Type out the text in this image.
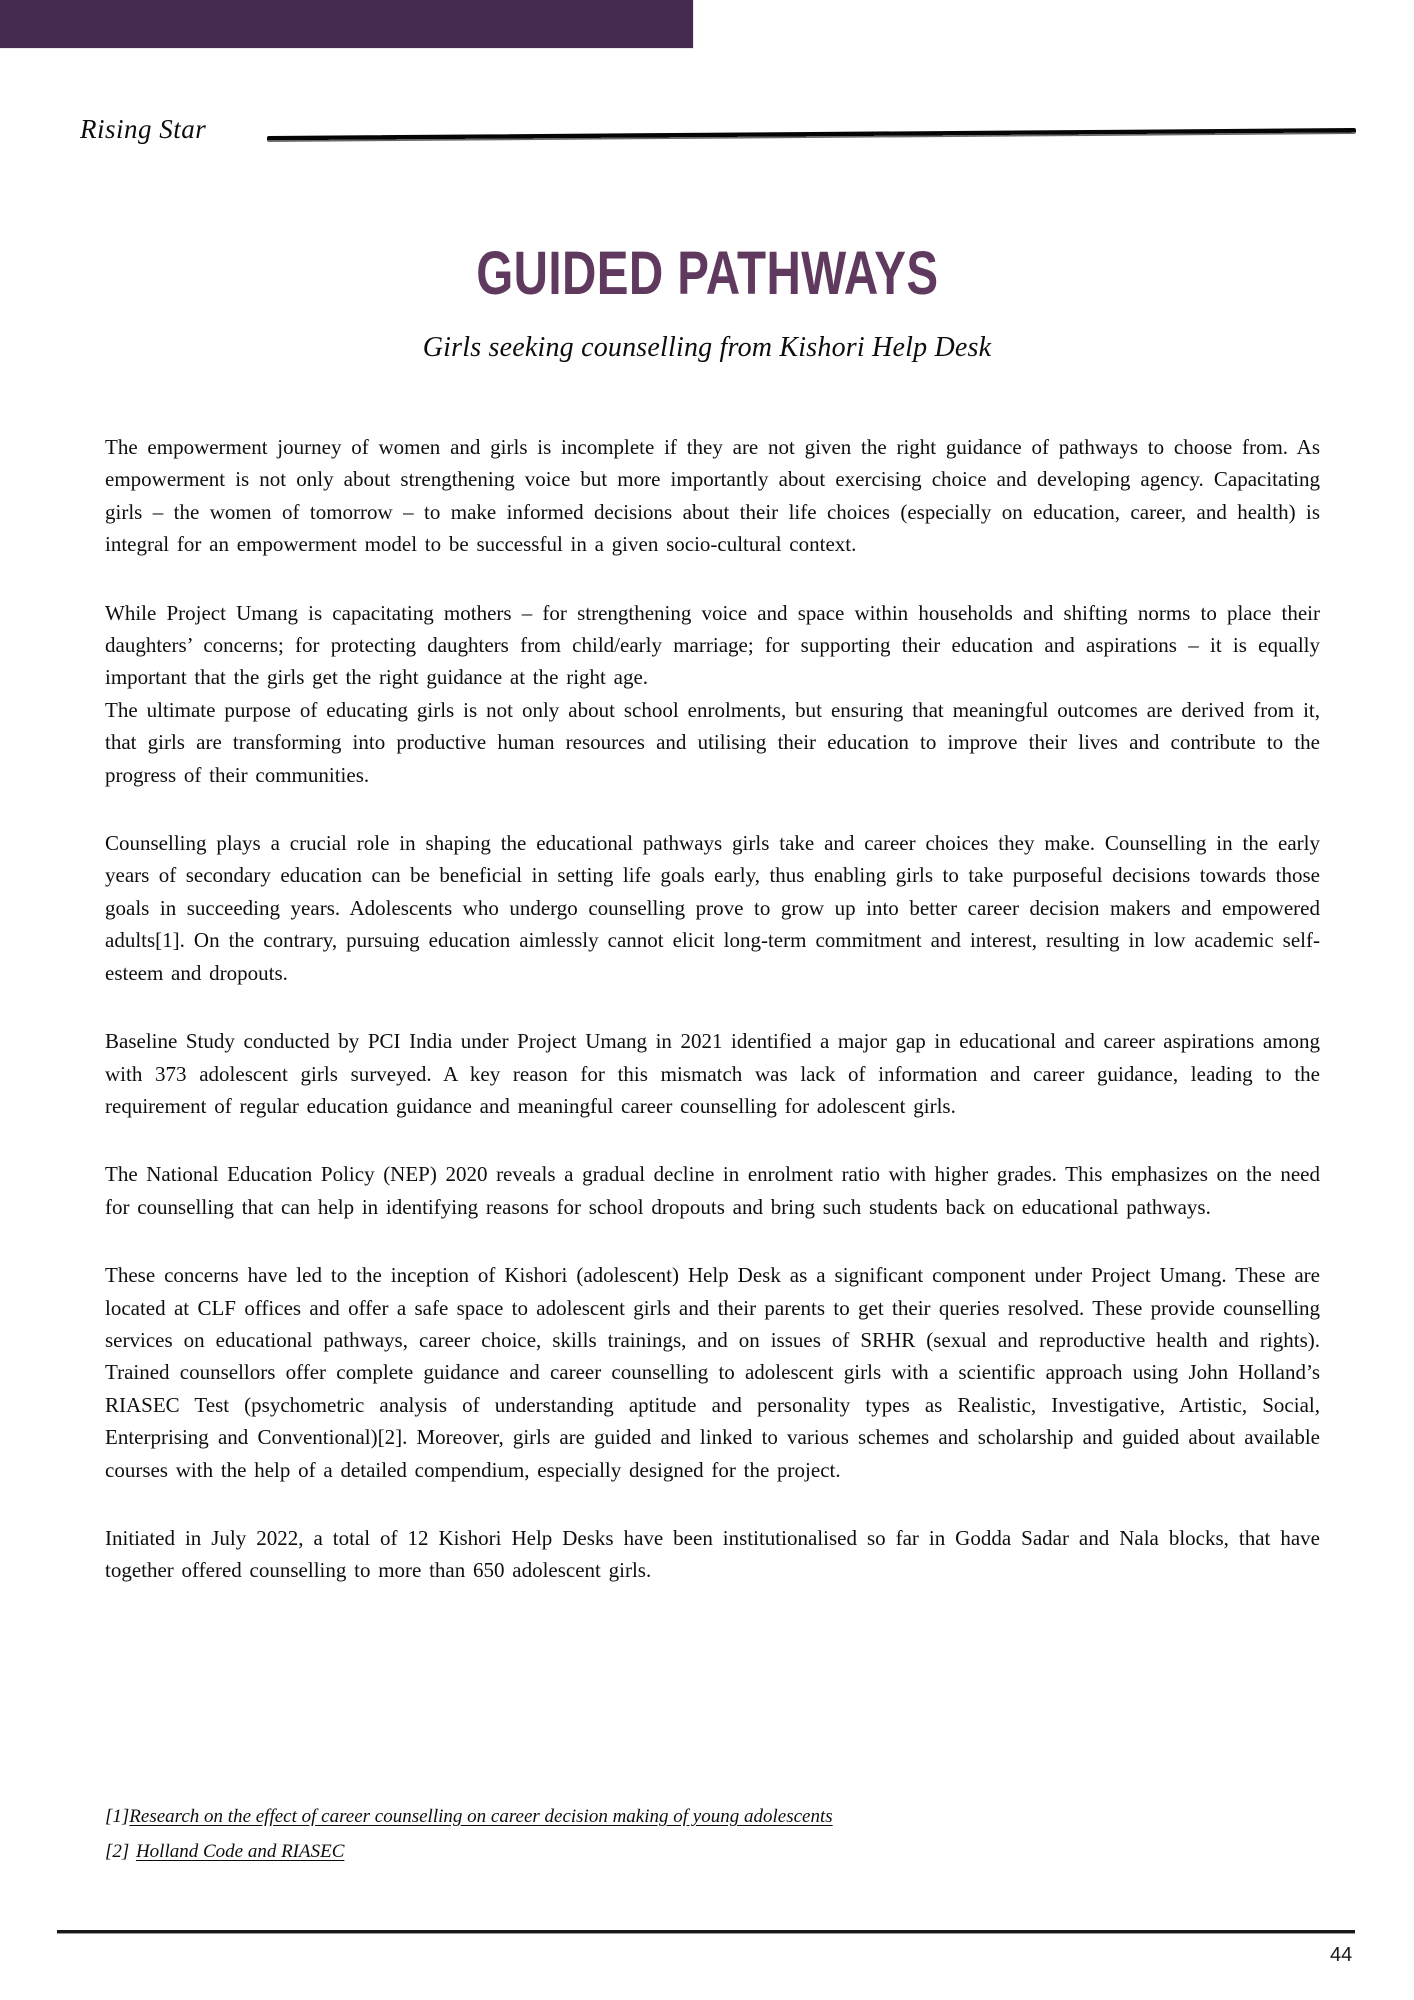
Rising Star
GUIDED PATHWAYS
Girls seeking counselling from Kishori Help Desk

The empowerment journey of women and girls is incomplete if they are not given the right guidance of pathways to choose from. As empowerment is not only about strengthening voice but more importantly about exercising choice and developing agency. Capacitating girls – the women of tomorrow – to make informed decisions about their life choices (especially on education, career, and health) is integral for an empowerment model to be successful in a given socio-cultural context.

While Project Umang is capacitating mothers – for strengthening voice and space within households and shifting norms to place their daughters’ concerns; for protecting daughters from child/early marriage; for supporting their education and aspirations – it is equally important that the girls get the right guidance at the right age.

The ultimate purpose of educating girls is not only about school enrolments, but ensuring that meaningful outcomes are derived from it, that girls are transforming into productive human resources and utilising their education to improve their lives and contribute to the progress of their communities.

Counselling plays a crucial role in shaping the educational pathways girls take and career choices they make. Counselling in the early years of secondary education can be beneficial in setting life goals early, thus enabling girls to take purposeful decisions towards those goals in succeeding years. Adolescents who undergo counselling prove to grow up into better career decision makers and empowered adults[1]. On the contrary, pursuing education aimlessly cannot elicit long-term commitment and interest, resulting in low academic self-esteem and dropouts.

Baseline Study conducted by PCI India under Project Umang in 2021 identified a major gap in educational and career aspirations among with 373 adolescent girls surveyed. A key reason for this mismatch was lack of information and career guidance, leading to the requirement of regular education guidance and meaningful career counselling for adolescent girls.

The National Education Policy (NEP) 2020 reveals a gradual decline in enrolment ratio with higher grades. This emphasizes on the need for counselling that can help in identifying reasons for school dropouts and bring such students back on educational pathways.

These concerns have led to the inception of Kishori (adolescent) Help Desk as a significant component under Project Umang. These are located at CLF offices and offer a safe space to adolescent girls and their parents to get their queries resolved. These provide counselling services on educational pathways, career choice, skills trainings, and on issues of SRHR (sexual and reproductive health and rights). Trained counsellors offer complete guidance and career counselling to adolescent girls with a scientific approach using John Holland’s RIASEC Test (psychometric analysis of understanding aptitude and personality types as Realistic, Investigative, Artistic, Social, Enterprising and Conventional)[2]. Moreover, girls are guided and linked to various schemes and scholarship and guided about available courses with the help of a detailed compendium, especially designed for the project.

Initiated in July 2022, a total of 12 Kishori Help Desks have been institutionalised so far in Godda Sadar and Nala blocks, that have together offered counselling to more than 650 adolescent girls.

[1]Research on the effect of career counselling on career decision making of young adolescents
[2] Holland Code and RIASEC
44
